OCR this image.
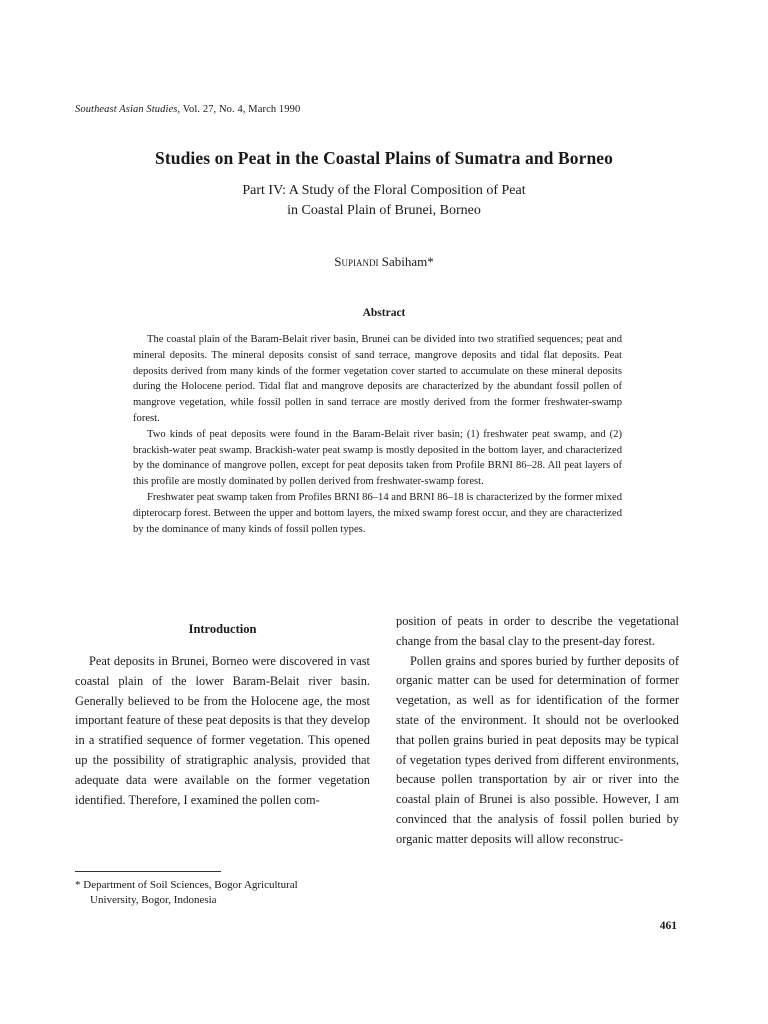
Southeast Asian Studies, Vol. 27, No. 4, March 1990
Studies on Peat in the Coastal Plains of Sumatra and Borneo
Part IV: A Study of the Floral Composition of Peat
in Coastal Plain of Brunei, Borneo
Supiandi Sabiham*
Abstract

The coastal plain of the Baram-Belait river basin, Brunei can be divided into two stratified sequences; peat and mineral deposits. The mineral deposits consist of sand terrace, mangrove deposits and tidal flat deposits. Peat deposits derived from many kinds of the former vegetation cover started to accumulate on these mineral deposits during the Holocene period. Tidal flat and mangrove deposits are characterized by the abundant fossil pollen of mangrove vegetation, while fossil pollen in sand terrace are mostly derived from the former freshwater-swamp forest.

Two kinds of peat deposits were found in the Baram-Belait river basin; (1) freshwater peat swamp, and (2) brackish-water peat swamp. Brackish-water peat swamp is mostly deposited in the bottom layer, and characterized by the dominance of mangrove pollen, except for peat deposits taken from Profile BRNI 86–28. All peat layers of this profile are mostly dominated by pollen derived from freshwater-swamp forest.

Freshwater peat swamp taken from Profiles BRNI 86–14 and BRNI 86–18 is characterized by the former mixed dipterocarp forest. Between the upper and bottom layers, the mixed swamp forest occur, and they are characterized by the dominance of many kinds of fossil pollen types.

Introduction

Peat deposits in Brunei, Borneo were discovered in vast coastal plain of the lower Baram-Belait river basin. Generally believed to be from the Holocene age, the most important feature of these peat deposits is that they develop in a stratified sequence of former vegetation. This opened up the possibility of stratigraphic analysis, provided that adequate data were available on the former vegetation identified. Therefore, I examined the pollen com-

position of peats in order to describe the vegetational change from the basal clay to the present-day forest.

Pollen grains and spores buried by further deposits of organic matter can be used for determination of former vegetation, as well as for identification of the former state of the environment. It should not be overlooked that pollen grains buried in peat deposits may be typical of vegetation types derived from different environments, because pollen transportation by air or river into the coastal plain of Brunei is also possible. However, I am convinced that the analysis of fossil pollen buried by organic matter deposits will allow reconstruc-

* Department of Soil Sciences, Bogor Agricultural
University, Bogor, Indonesia
461
